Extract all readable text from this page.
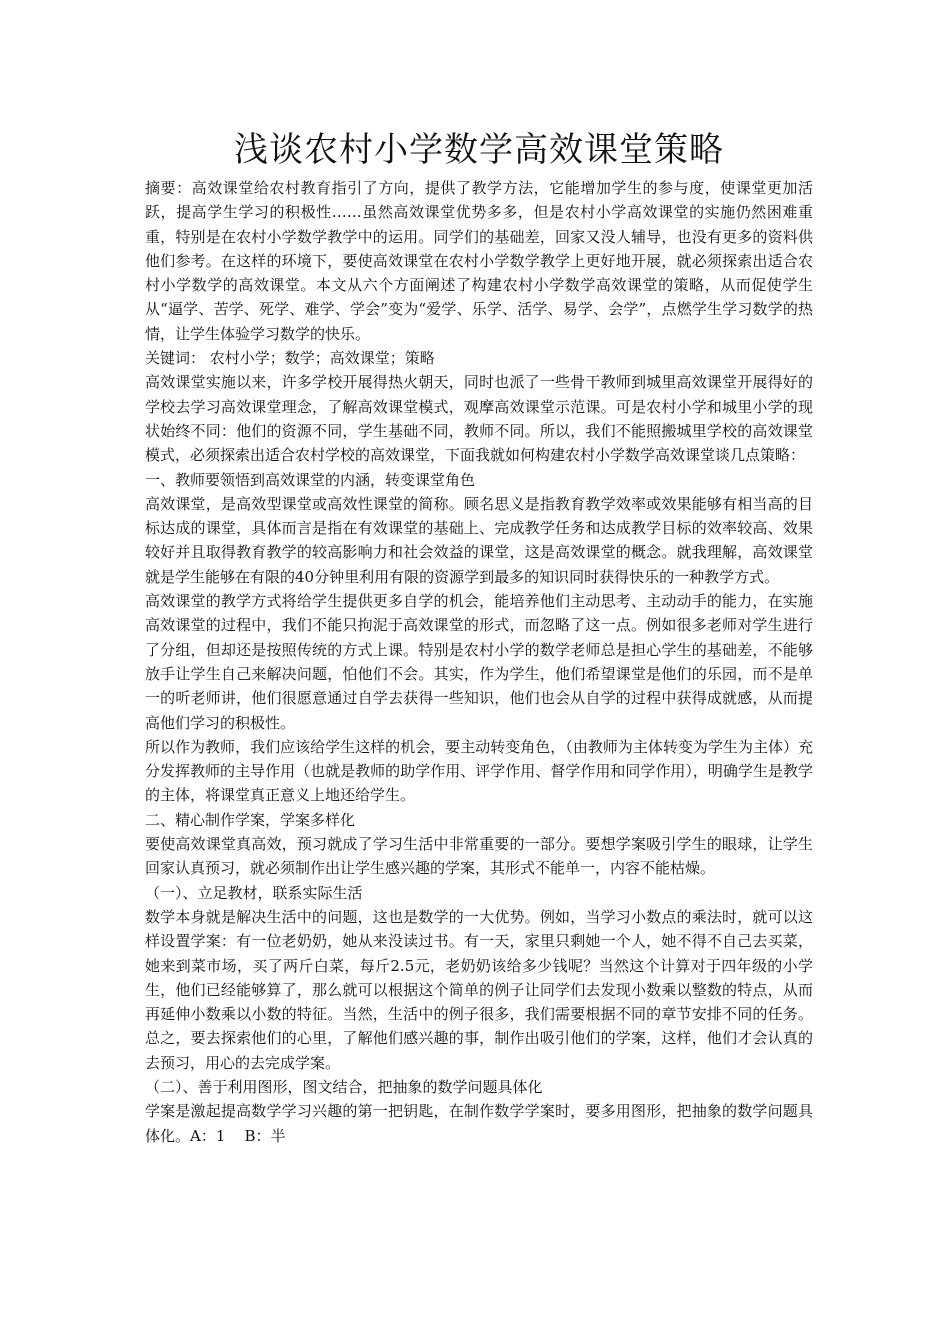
浅谈农村小学数学高效课堂策略

摘要：高效课堂给农村教育指引了方向，提供了教学方法，它能增加学生的参与度，使课堂更加活跃，提高学生学习的积极性……虽然高效课堂优势多多，但是农村小学高效课堂的实施仍然困难重重，特别是在农村小学数学教学中的运用。同学们的基础差，回家又没人辅导，也没有更多的资料供他们参考。在这样的环境下，要使高效课堂在农村小学数学教学上更好地开展，就必须探索出适合农村小学数学的高效课堂。本文从六个方面阐述了构建农村小学数学高效课堂的策略，从而促使学生从“逼学、苦学、死学、难学、学会”变为“爱学、乐学、活学、易学、会学”，点燃学生学习数学的热情，让学生体验学习数学的快乐。

关键词： 农村小学；数学；高效课堂；策略

高效课堂实施以来，许多学校开展得热火朝天，同时也派了一些骨干教师到城里高效课堂开展得好的学校去学习高效课堂理念，了解高效课堂模式，观摩高效课堂示范课。可是农村小学和城里小学的现状始终不同：他们的资源不同，学生基础不同，教师不同。所以，我们不能照搬城里学校的高效课堂模式，必须探索出适合农村学校的高效课堂，下面我就如何构建农村小学数学高效课堂谈几点策略：

一、教师要领悟到高效课堂的内涵，转变课堂角色

高效课堂，是高效型课堂或高效性课堂的简称。顾名思义是指教育教学效率或效果能够有相当高的目标达成的课堂，具体而言是指在有效课堂的基础上、完成教学任务和达成教学目标的效率较高、效果较好并且取得教育教学的较高影响力和社会效益的课堂，这是高效课堂的概念。就我理解，高效课堂就是学生能够在有限的40分钟里利用有限的资源学到最多的知识同时获得快乐的一种教学方式。

高效课堂的教学方式将给学生提供更多自学的机会，能培养他们主动思考、主动动手的能力，在实施高效课堂的过程中，我们不能只拘泥于高效课堂的形式，而忽略了这一点。例如很多老师对学生进行了分组，但却还是按照传统的方式上课。特别是农村小学的数学老师总是担心学生的基础差，不能够放手让学生自己来解决问题，怕他们不会。其实，作为学生，他们希望课堂是他们的乐园，而不是单一的听老师讲，他们很愿意通过自学去获得一些知识，他们也会从自学的过程中获得成就感，从而提高他们学习的积极性。

所以作为教师，我们应该给学生这样的机会，要主动转变角色，（由教师为主体转变为学生为主体）充分发挥教师的主导作用（也就是教师的助学作用、评学作用、督学作用和同学作用），明确学生是教学的主体，将课堂真正意义上地还给学生。

二、精心制作学案，学案多样化

要使高效课堂真高效，预习就成了学习生活中非常重要的一部分。要想学案吸引学生的眼球，让学生回家认真预习，就必须制作出让学生感兴趣的学案，其形式不能单一，内容不能枯燥。

（一）、立足教材，联系实际生活

数学本身就是解决生活中的问题，这也是数学的一大优势。例如，当学习小数点的乘法时，就可以这样设置学案：有一位老奶奶，她从来没读过书。有一天，家里只剩她一个人，她不得不自己去买菜，她来到菜市场，买了两斤白菜，每斤2.5元，老奶奶该给多少钱呢？当然这个计算对于四年级的小学生，他们已经能够算了，那么就可以根据这个简单的例子让同学们去发现小数乘以整数的特点，从而再延伸小数乘以小数的特征。当然，生活中的例子很多，我们需要根据不同的章节安排不同的任务。总之，要去探索他们的心里，了解他们感兴趣的事，制作出吸引他们的学案，这样，他们才会认真的去预习，用心的去完成学案。

（二）、善于利用图形，图文结合，把抽象的数学问题具体化

学案是激起提高数学学习兴趣的第一把钥匙，在制作数学学案时，要多用图形，把抽象的数学问题具体化。A：1    B：半
